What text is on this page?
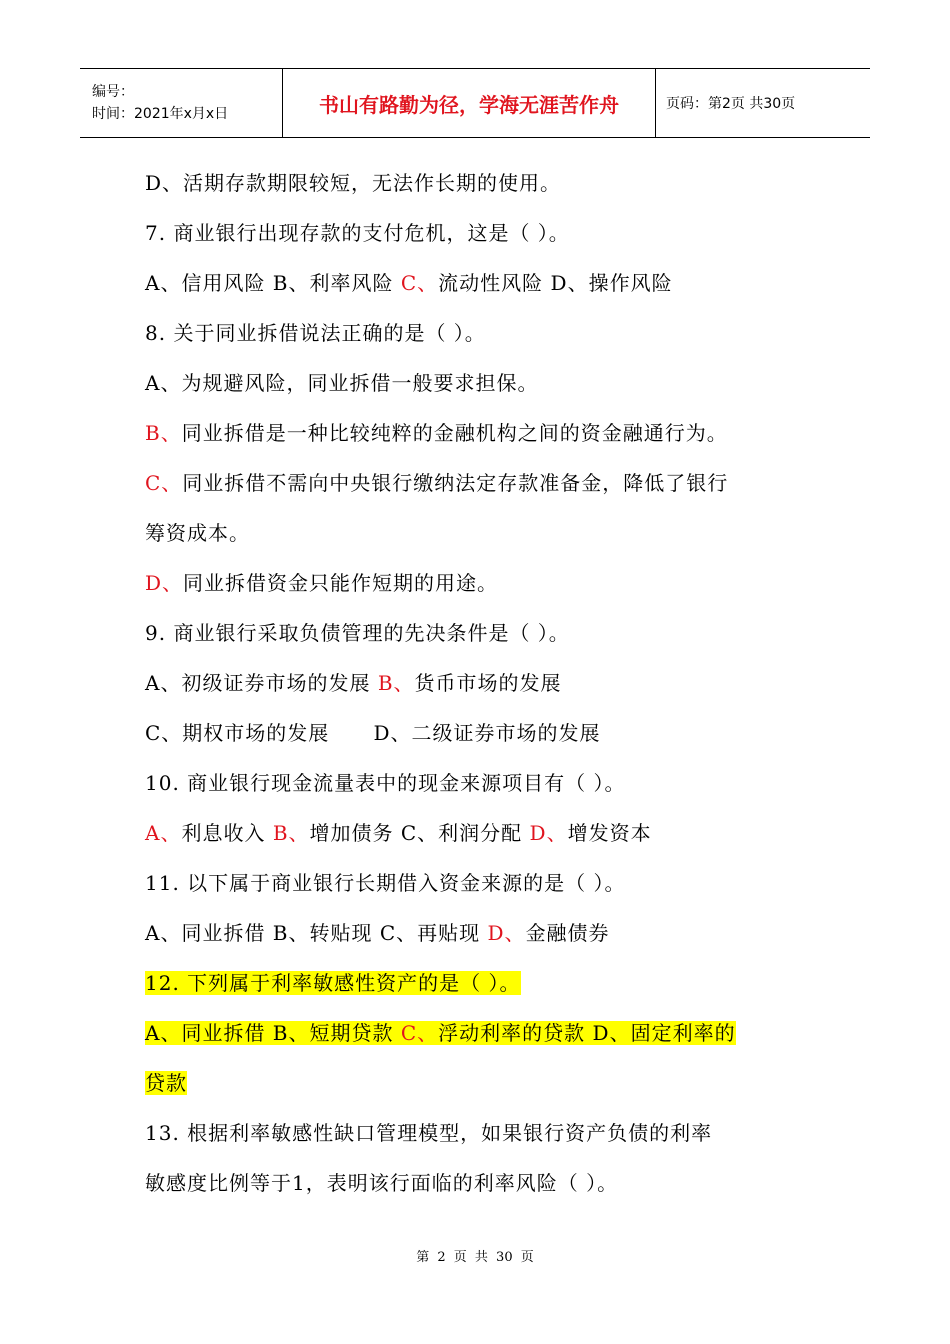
编号：
时间：2021年x月x日	书山有路勤为径，学海无涯苦作舟	页码：第2页 共30页
D、活期存款期限较短，无法作长期的使用。
7. 商业银行出现存款的支付危机，这是（ ）。
A、信用风险 B、利率风险 C、流动性风险 D、操作风险
8. 关于同业拆借说法正确的是（ ）。
A、为规避风险，同业拆借一般要求担保。
B、同业拆借是一种比较纯粹的金融机构之间的资金融通行为。
C、同业拆借不需向中央银行缴纳法定存款准备金，降低了银行
筹资成本。
D、同业拆借资金只能作短期的用途。
9. 商业银行采取负债管理的先决条件是（ ）。
A、初级证券市场的发展 B、货币市场的发展
C、期权市场的发展      D、二级证券市场的发展
10. 商业银行现金流量表中的现金来源项目有（ ）。
A、利息收入 B、增加债务 C、利润分配 D、增发资本
11. 以下属于商业银行长期借入资金来源的是（ ）。
A、同业拆借 B、转贴现 C、再贴现 D、金融债券
12. 下列属于利率敏感性资产的是（ ）。
A、同业拆借 B、短期贷款 C、浮动利率的贷款 D、固定利率的
贷款
13. 根据利率敏感性缺口管理模型，如果银行资产负债的利率
敏感度比例等于1，表明该行面临的利率风险（ ）。
第 2 页 共 30 页
